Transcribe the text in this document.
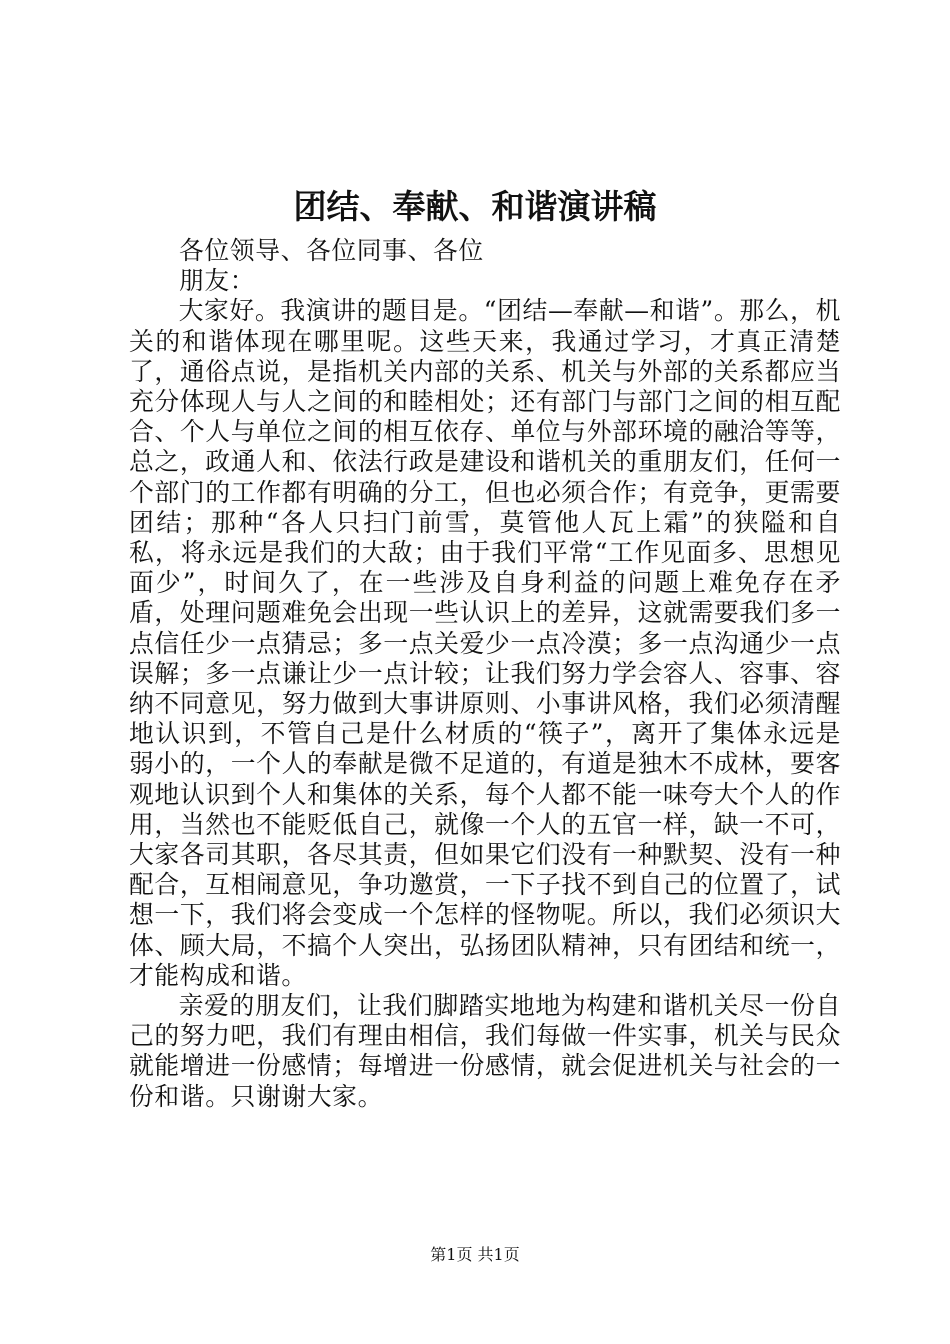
团结、奉献、和谐演讲稿
各位领导、各位同事、各位朋友：

大家好。我演讲的题目是。“团结—奉献—和谐”。那么，机关的和谐体现在哪里呢。这些天来，我通过学习，才真正清楚了，通俗点说，是指机关内部的关系、机关与外部的关系都应当充分体现人与人之间的和睦相处；还有部门与部门之间的相互配合、个人与单位之间的相互依存、单位与外部环境的融洽等等，总之，政通人和、依法行政是建设和谐机关的重朋友们，任何一个部门的工作都有明确的分工，但也必须合作；有竞争，更需要团结；那种“各人只扫门前雪，莫管他人瓦上霜”的狭隘和自私，将永远是我们的大敌；由于我们平常“工作见面多、思想见面少”，时间久了，在一些涉及自身利益的问题上难免存在矛盾，处理问题难免会出现一些认识上的差异，这就需要我们多一点信任少一点猜忌；多一点关爱少一点冷漠；多一点沟通少一点误解；多一点谦让少一点计较；让我们努力学会容人、容事、容纳不同意见，努力做到大事讲原则、小事讲风格，我们必须清醒地认识到，不管自己是什么材质的“筷子”，离开了集体永远是弱小的，一个人的奉献是微不足道的，有道是独木不成林，要客观地认识到个人和集体的关系，每个人都不能一味夸大个人的作用，当然也不能贬低自己，就像一个人的五官一样，缺一不可，大家各司其职，各尽其责，但如果它们没有一种默契、没有一种配合，互相闹意见，争功邀赏，一下子找不到自己的位置了，试想一下，我们将会变成一个怎样的怪物呢。所以，我们必须识大体、顾大局，不搞个人突出，弘扬团队精神，只有团结和统一，才能构成和谐。

亲爱的朋友们，让我们脚踏实地地为构建和谐机关尽一份自己的努力吧，我们有理由相信，我们每做一件实事，机关与民众就能增进一份感情；每增进一份感情，就会促进机关与社会的一份和谐。只谢谢大家。

第1页 共1页
